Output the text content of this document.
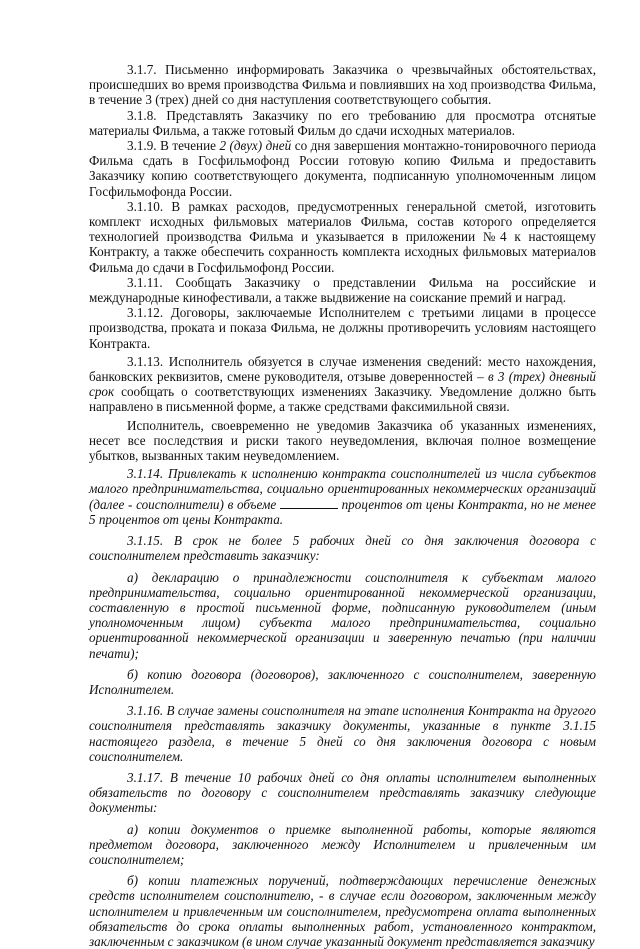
3.1.7. Письменно информировать Заказчика о чрезвычайных обстоятельствах, происшедших во время производства Фильма и повлиявших на ход производства Фильма, в течение 3 (трех) дней со дня наступления соответствующего события.

3.1.8. Представлять Заказчику по его требованию для просмотра отснятые материалы Фильма, а также готовый Фильм до сдачи исходных материалов.

3.1.9. В течение 2 (двух) дней со дня завершения монтажно-тонировочного периода Фильма сдать в Госфильмофонд России готовую копию Фильма и предоставить Заказчику копию соответствующего документа, подписанную уполномоченным лицом Госфильмофонда России.

3.1.10. В рамках расходов, предусмотренных генеральной сметой, изготовить комплект исходных фильмовых материалов Фильма, состав которого определяется технологией производства Фильма и указывается в приложении №4 к настоящему Контракту, а также обеспечить сохранность комплекта исходных фильмовых материалов Фильма до сдачи в Госфильмофонд России.

3.1.11. Сообщать Заказчику о представлении Фильма на российские и международные кинофестивали, а также выдвижение на соискание премий и наград.

3.1.12. Договоры, заключаемые Исполнителем с третьими лицами в процессе производства, проката и показа Фильма, не должны противоречить условиям настоящего Контракта.

3.1.13. Исполнитель обязуется в случае изменения сведений: место нахождения, банковских реквизитов, смене руководителя, отзыве доверенностей – в 3 (трех) дневный срок сообщать о соответствующих изменениях Заказчику. Уведомление должно быть направлено в письменной форме, а также средствами факсимильной связи.

Исполнитель, своевременно не уведомив Заказчика об указанных изменениях, несет все последствия и риски такого неуведомления, включая полное возмещение убытков, вызванных таким неуведомлением.

3.1.14. Привлекать к исполнению контракта соисполнителей из числа субъектов малого предпринимательства, социально ориентированных некоммерческих организаций (далее - соисполнители) в объеме	процентов от цены Контракта, но не менее 5 процентов от цены Контракта.

3.1.15. В срок не более 5 рабочих дней со дня заключения договора с соисполнителем представить заказчику:

а) декларацию о принадлежности соисполнителя к субъектам малого предпринимательства, социально ориентированной некоммерческой организации, составленную в простой письменной форме, подписанную руководителем (иным уполномоченным лицом) субъекта малого предпринимательства, социально ориентированной некоммерческой организации и заверенную печатью (при наличии печати);

б) копию договора (договоров), заключенного с соисполнителем, заверенную Исполнителем.

3.1.16. В случае замены соисполнителя на этапе исполнения Контракта на другого соисполнителя представлять заказчику документы, указанные в пункте 3.1.15 настоящего раздела, в течение 5 дней со дня заключения договора с новым соисполнителем.

3.1.17. В течение 10 рабочих дней со дня оплаты исполнителем выполненных обязательств по договору с соисполнителем представлять заказчику следующие документы:

а) копии документов о приемке выполненной работы, которые являются предметом договора, заключенного между Исполнителем и привлеченным им соисполнителем;

б) копии платежных поручений, подтверждающих перечисление денежных средств исполнителем соисполнителю, - в случае если договором, заключенным между исполнителем и привлеченным им соисполнителем, предусмотрена оплата выполненных обязательств до срока оплаты выполненных работ, установленного контрактом, заключенным с заказчиком (в ином случае указанный документ представляется заказчику
